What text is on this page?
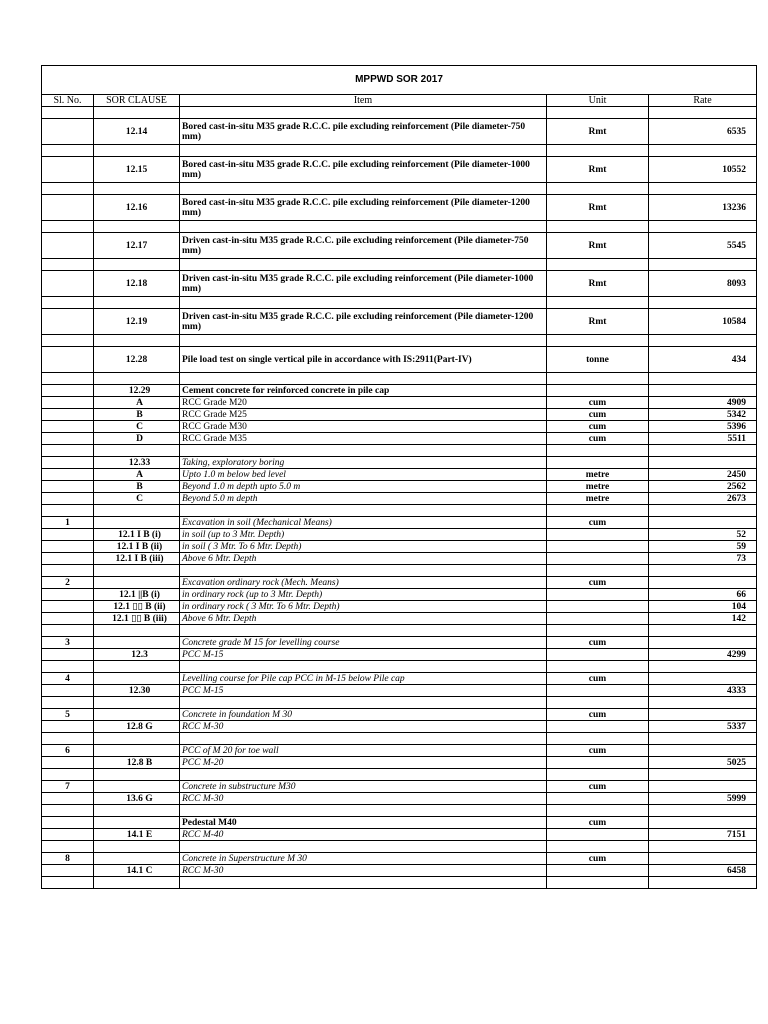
MPPWD SOR 2017				
Sl. No.	SOR CLAUSE	Item	Unit	Rate

	12.14	Bored cast-in-situ M35 grade R.C.C. pile excluding reinforcement (Pile diameter-750 mm)	Rmt	6535

	12.15	Bored cast-in-situ M35 grade R.C.C. pile excluding reinforcement (Pile diameter-1000 mm)	Rmt	10552

	12.16	Bored cast-in-situ M35 grade R.C.C. pile excluding reinforcement (Pile diameter-1200 mm)	Rmt	13236

	12.17	Driven cast-in-situ M35 grade R.C.C. pile excluding reinforcement (Pile diameter-750 mm)	Rmt	5545

	12.18	Driven cast-in-situ M35 grade R.C.C. pile excluding reinforcement (Pile diameter-1000 mm)	Rmt	8093

	12.19	Driven cast-in-situ M35 grade R.C.C. pile excluding reinforcement (Pile diameter-1200 mm)	Rmt	10584

	12.28	Pile load test on single vertical pile in accordance with IS:2911(Part-IV)	tonne	434

	12.29	Cement concrete for reinforced concrete in pile cap		
	A	RCC Grade M20	cum	4909
	B	RCC Grade M25	cum	5342
	C	RCC Grade M30	cum	5396
	D	RCC Grade M35	cum	5511

	12.33	Taking, exploratory boring		
	A	Upto 1.0 m below bed level	metre	2450
	B	Beyond 1.0 m depth upto 5.0 m	metre	2562
	C	Beyond 5.0 m depth	metre	2673

1		Excavation in soil (Mechanical Means)	cum	
	12.1 I B (i)	in soil (up to 3 Mtr. Depth)		52
	12.1 I B (ii)	in soil ( 3 Mtr. To 6 Mtr. Depth)		59
	12.1 I B (iii)	Above 6 Mtr. Depth		73

2		Excavation ordinary rock (Mech. Means)	cum	
	12.1 ||B (i)	in ordinary rock (up to 3 Mtr. Depth)		66
	12.1 ▯▯ B (ii)	in ordinary rock ( 3 Mtr. To 6 Mtr. Depth)		104
	12.1 ▯▯ B (iii)	Above 6 Mtr. Depth		142

3		Concrete grade M 15 for levelling course	cum	
	12.3	PCC M-15		4299

4		Levelling course for Pile cap PCC in M-15 below Pile cap	cum	
	12.30	PCC M-15		4333

5		Concrete in foundation M 30	cum	
	12.8 G	RCC M-30		5337

6		PCC of M 20 for toe wall	cum	
	12.8 B	PCC M-20		5025

7		Concrete in substructure M30	cum	
	13.6 G	RCC M-30		5999

		Pedestal M40	cum	
	14.1 E	RCC M-40		7151

8		Concrete in Superstructure M 30	cum	
	14.1 C	RCC M-30		6458
